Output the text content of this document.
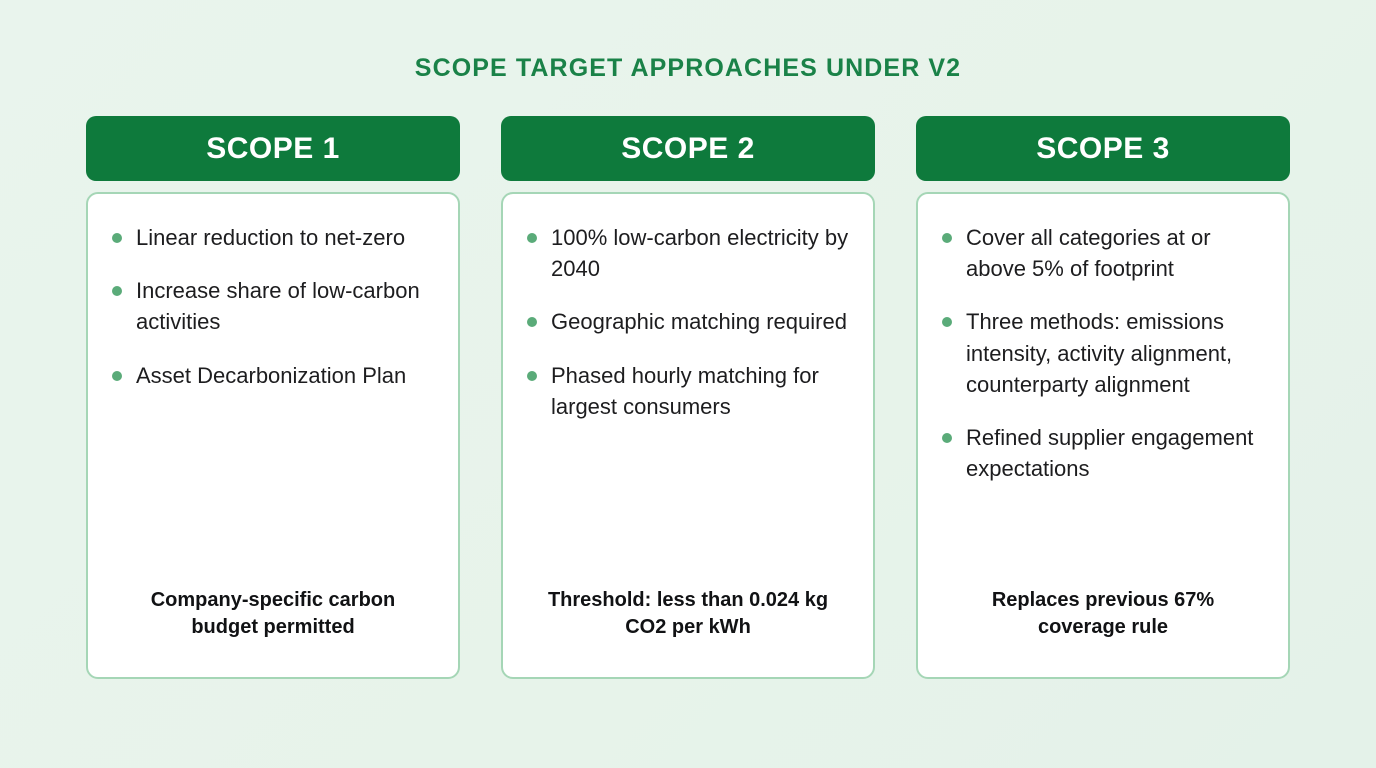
SCOPE TARGET APPROACHES UNDER V2
SCOPE 1
Linear reduction to net-zero
Increase share of low-carbon activities
Asset Decarbonization Plan
Company-specific carbon budget permitted
SCOPE 2
100% low-carbon electricity by 2040
Geographic matching required
Phased hourly matching for largest consumers
Threshold: less than 0.024 kg CO2 per kWh
SCOPE 3
Cover all categories at or above 5% of footprint
Three methods: emissions intensity, activity alignment, counterparty alignment
Refined supplier engagement expectations
Replaces previous 67% coverage rule
